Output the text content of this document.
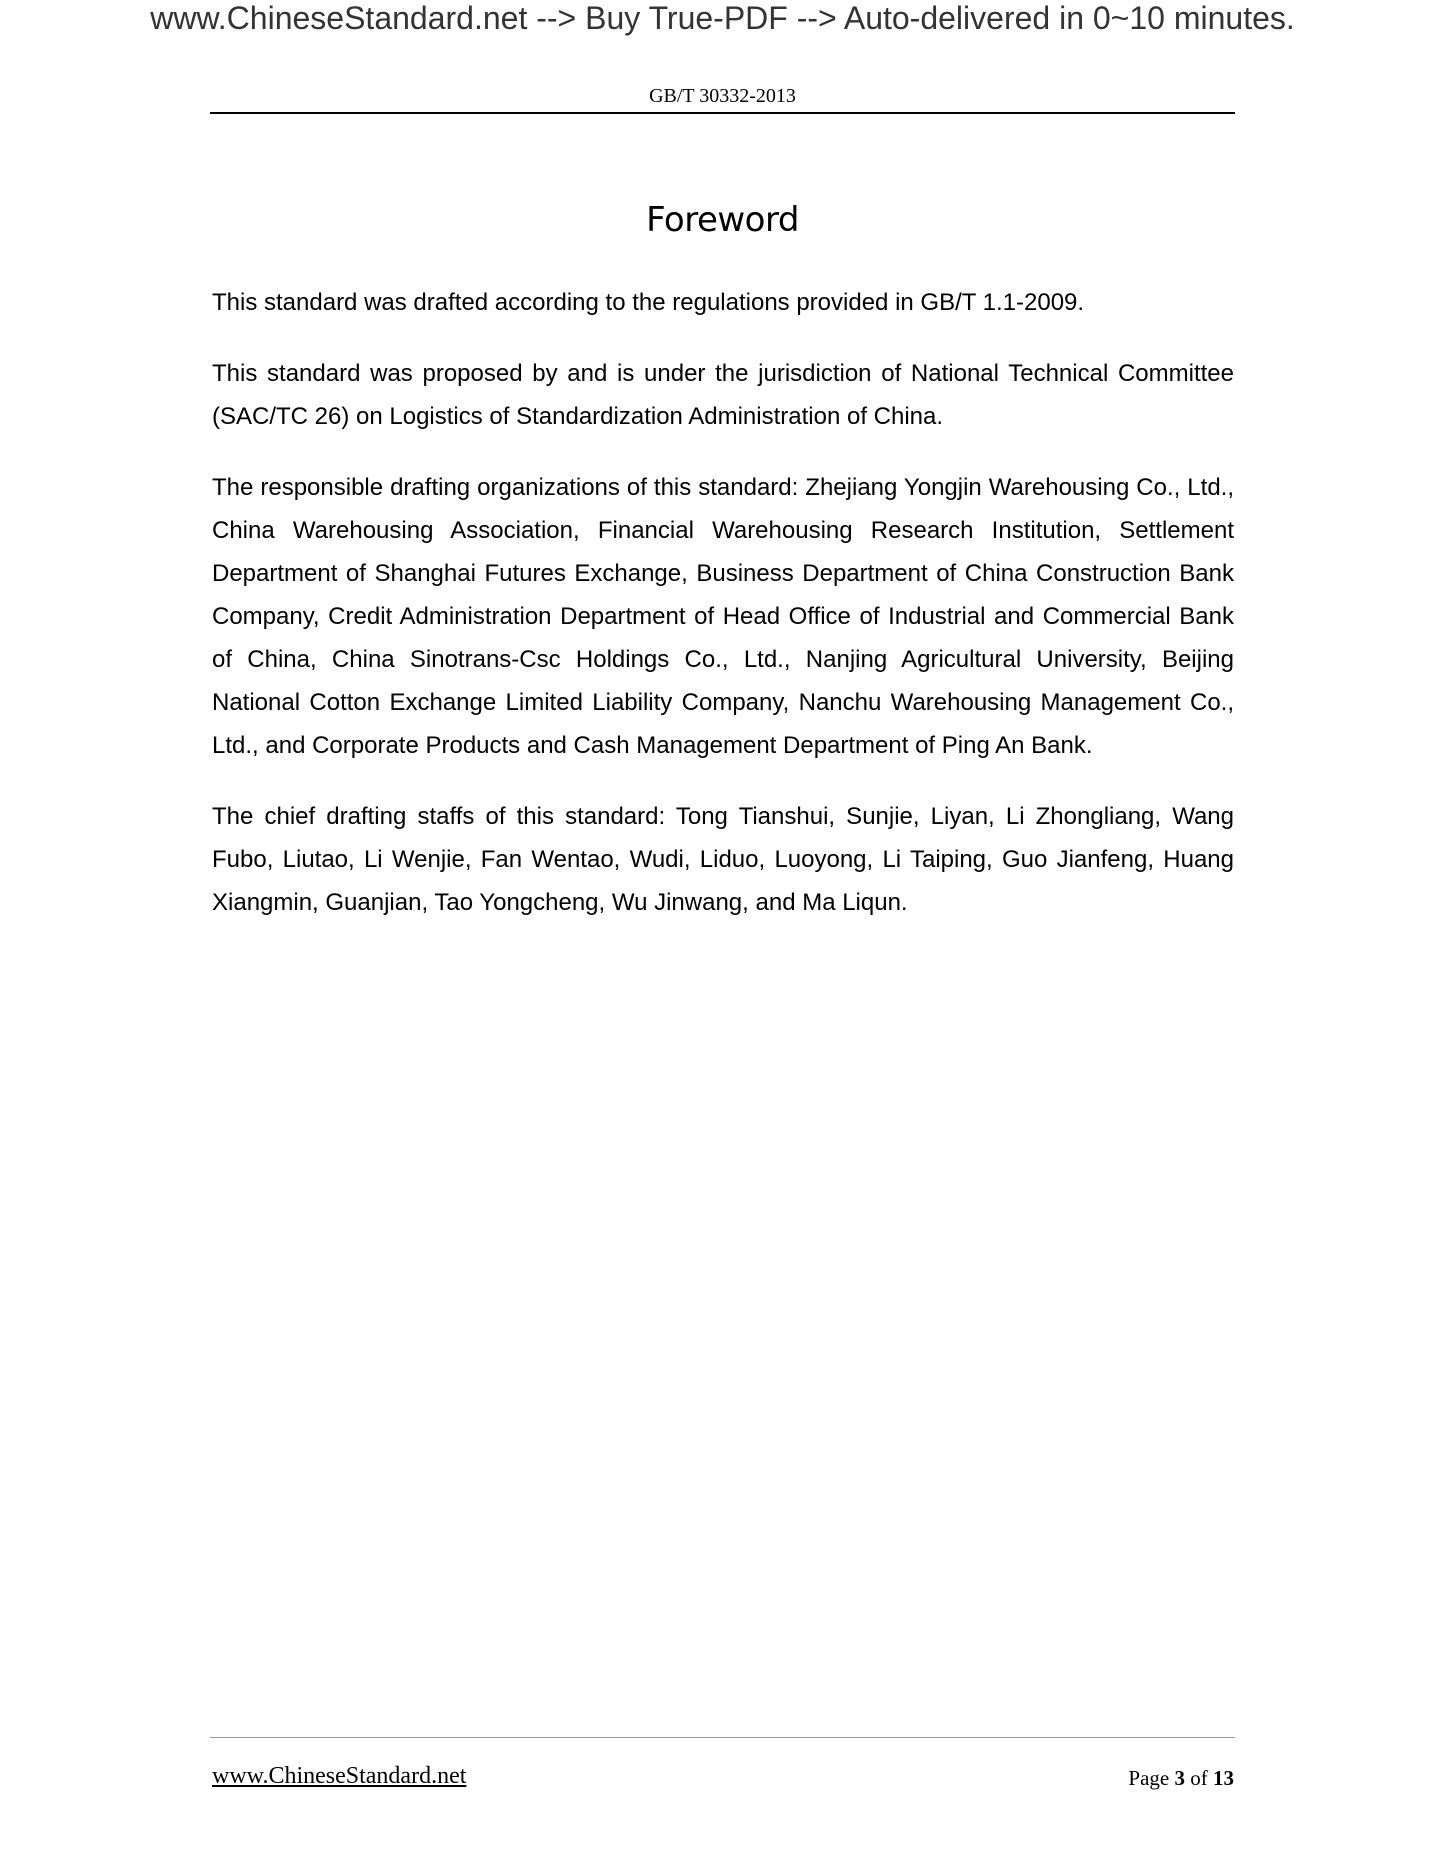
www.ChineseStandard.net --> Buy True-PDF --> Auto-delivered in 0~10 minutes.
GB/T 30332-2013
Foreword

This standard was drafted according to the regulations provided in GB/T 1.1-2009.

This standard was proposed by and is under the jurisdiction of National Technical Committee (SAC/TC 26) on Logistics of Standardization Administration of China.

The responsible drafting organizations of this standard: Zhejiang Yongjin Warehousing Co., Ltd., China Warehousing Association, Financial Warehousing Research Institution, Settlement Department of Shanghai Futures Exchange, Business Department of China Construction Bank Company, Credit Administration Department of Head Office of Industrial and Commercial Bank of China, China Sinotrans-Csc Holdings Co., Ltd., Nanjing Agricultural University, Beijing National Cotton Exchange Limited Liability Company, Nanchu Warehousing Management Co., Ltd., and Corporate Products and Cash Management Department of Ping An Bank.

The chief drafting staffs of this standard: Tong Tianshui, Sunjie, Liyan, Li Zhongliang, Wang Fubo, Liutao, Li Wenjie, Fan Wentao, Wudi, Liduo, Luoyong, Li Taiping, Guo Jianfeng, Huang Xiangmin, Guanjian, Tao Yongcheng, Wu Jinwang, and Ma Liqun.

www.ChineseStandard.net	Page 3 of 13
